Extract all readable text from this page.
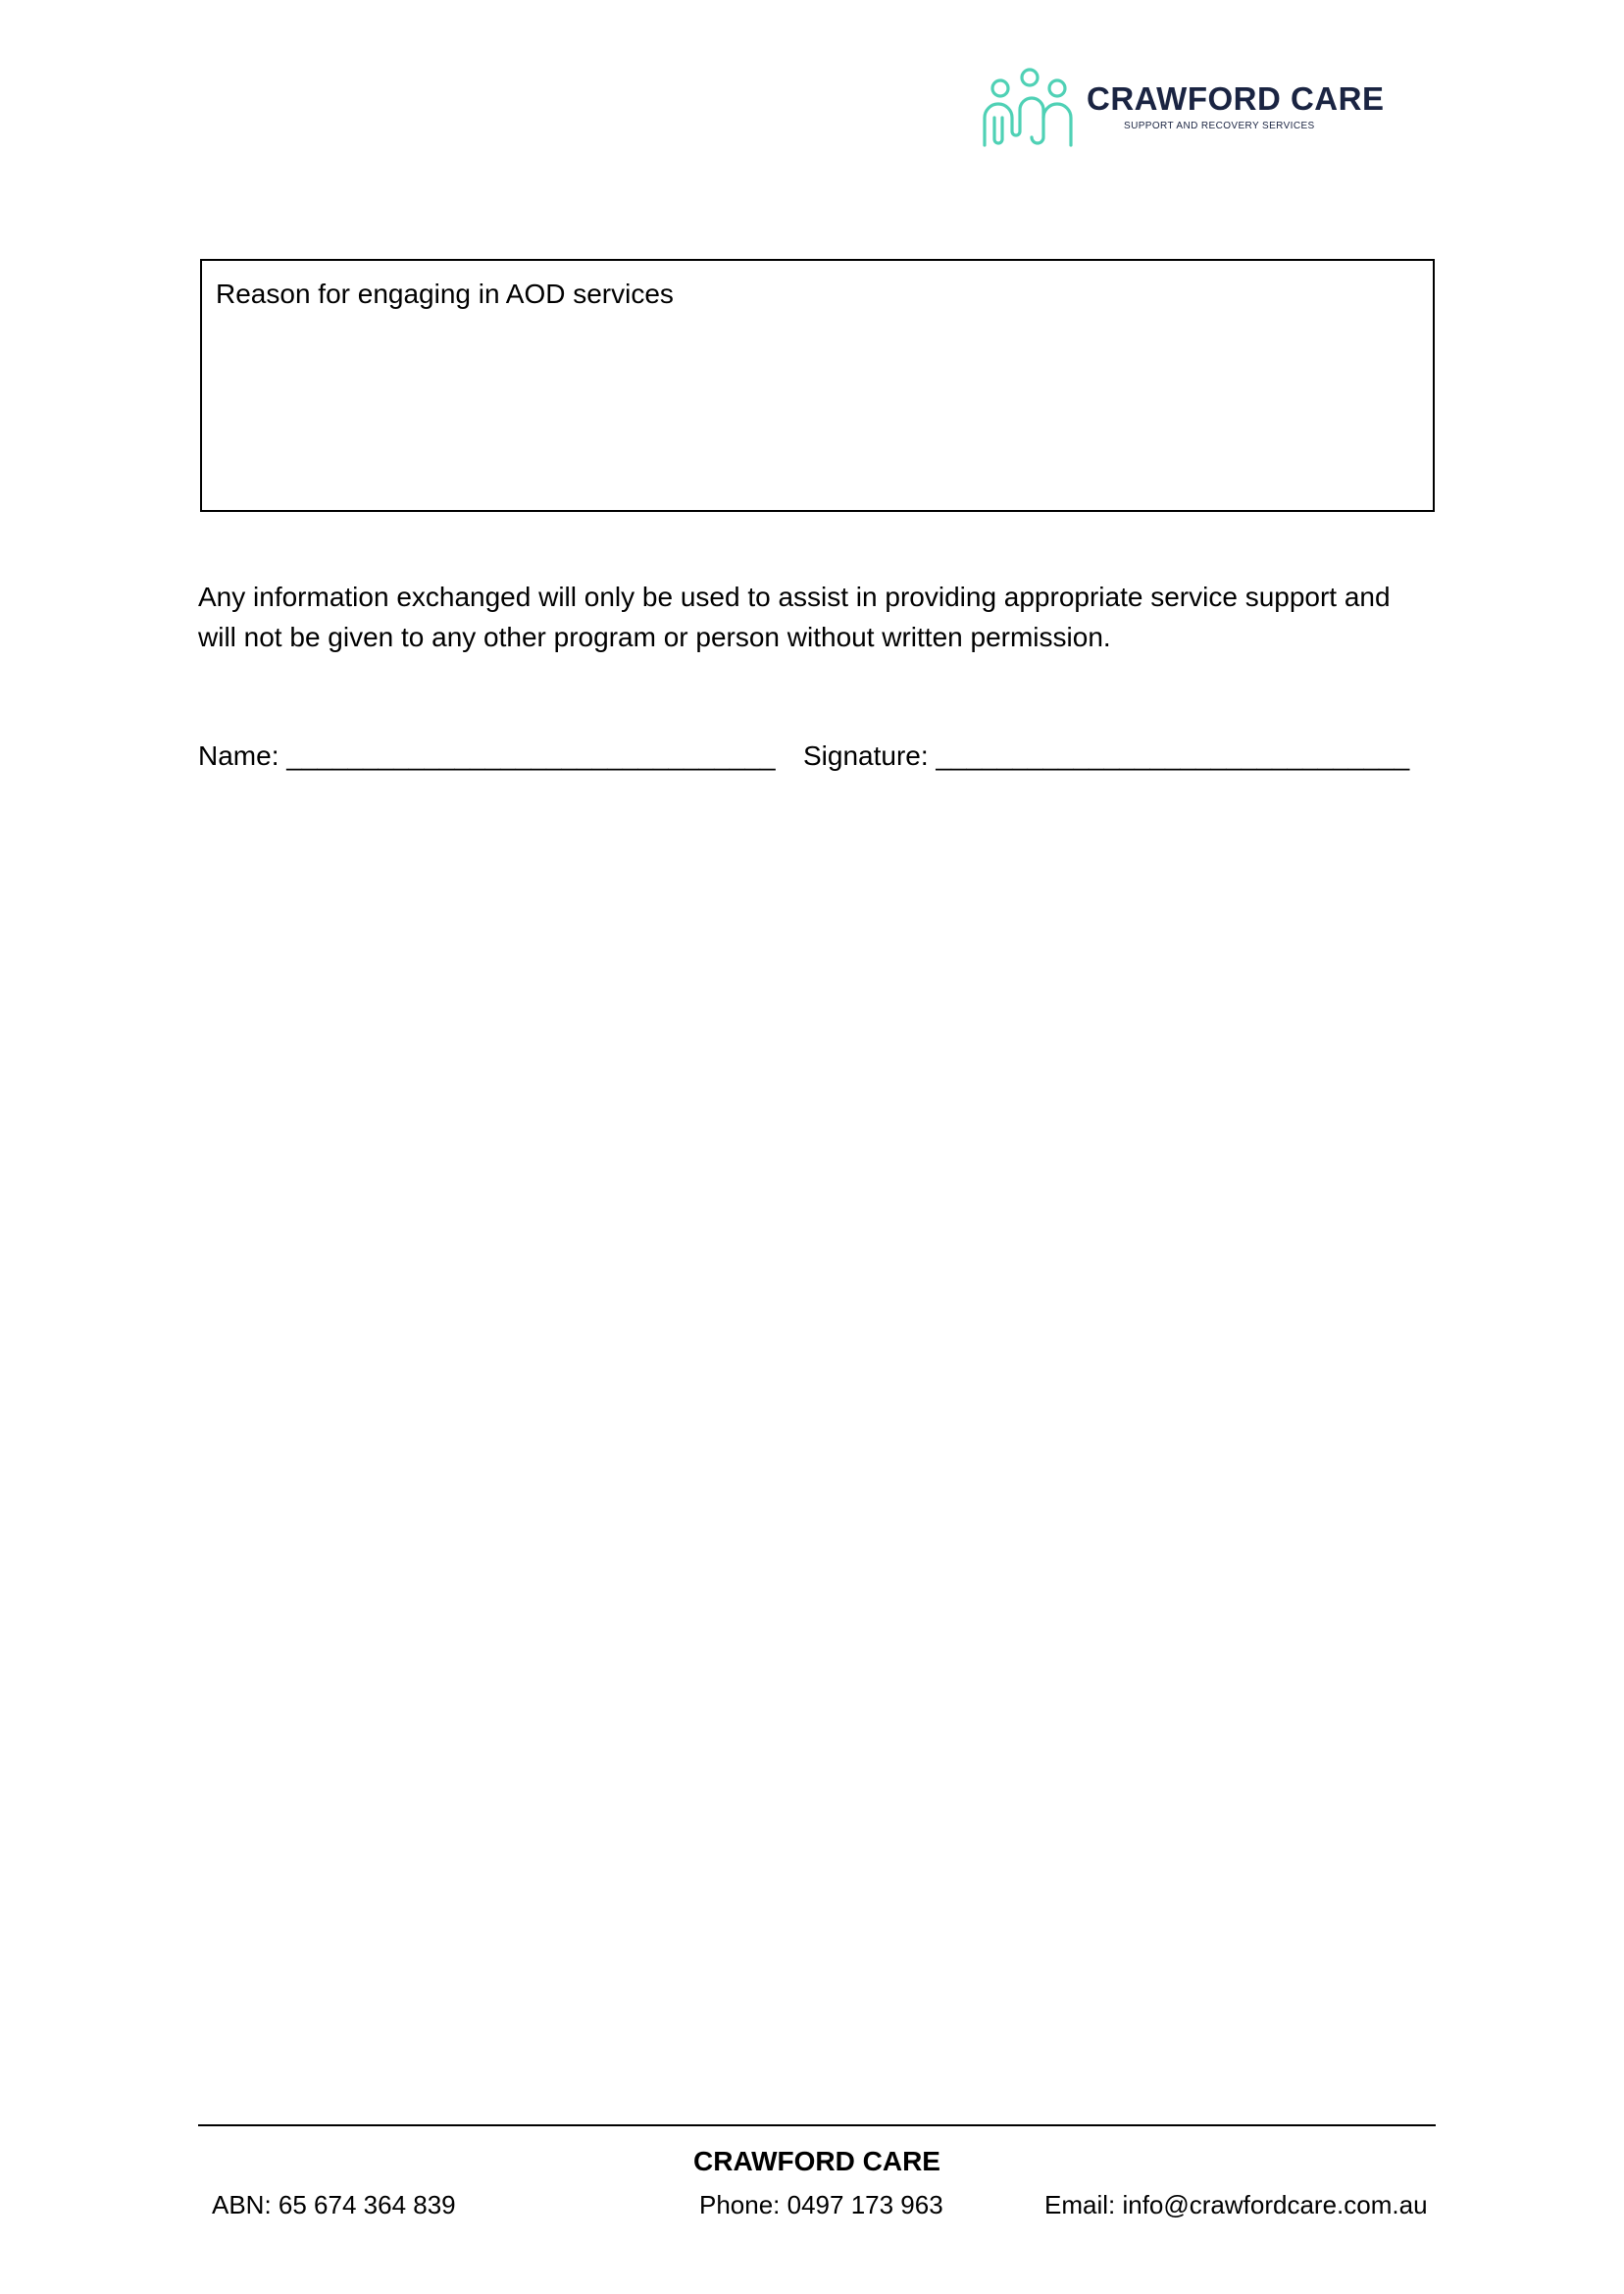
CRAWFORD CARE
SUPPORT AND RECOVERY SERVICES
Reason for engaging in AOD services
Any information exchanged will only be used to assist in providing appropriate service support and
will not be given to any other program or person without written permission.
Name: ________________________________ Signature: _______________________________
CRAWFORD CARE
ABN: 65 674 364 839	Phone: 0497 173 963	Email: info@crawfordcare.com.au
